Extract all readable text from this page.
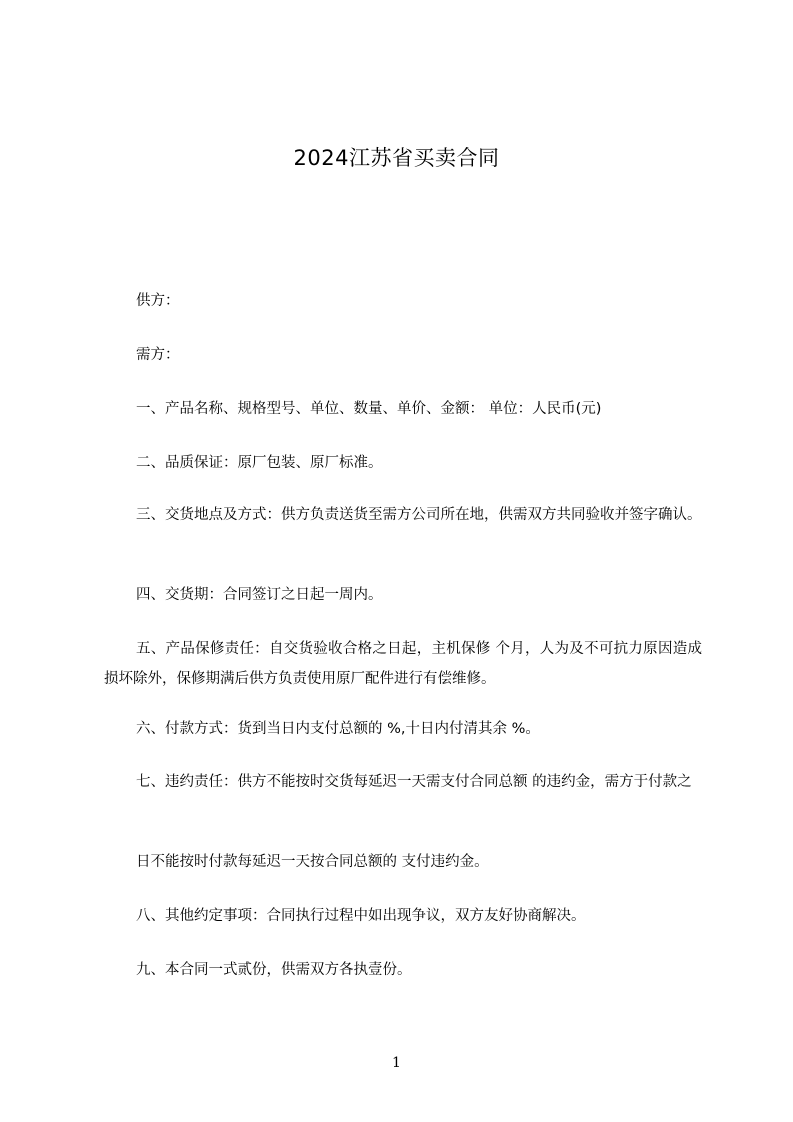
2024江苏省买卖合同

供方：

需方：

一、产品名称、规格型号、单位、数量、单价、金额： 单位：人民币(元)

二、品质保证：原厂包装、原厂标准。

三、交货地点及方式：供方负责送货至需方公司所在地，供需双方共同验收并签字确认。

四、交货期：合同签订之日起一周内。

五、产品保修责任：自交货验收合格之日起，主机保修 个月，人为及不可抗力原因造成损坏除外，保修期满后供方负责使用原厂配件进行有偿维修。

六、付款方式：货到当日内支付总额的 %,十日内付清其余 %。

七、违约责任：供方不能按时交货每延迟一天需支付合同总额 的违约金，需方于付款之

日不能按时付款每延迟一天按合同总额的 支付违约金。

八、其他约定事项：合同执行过程中如出现争议，双方友好协商解决。

九、本合同一式贰份，供需双方各执壹份。

1
